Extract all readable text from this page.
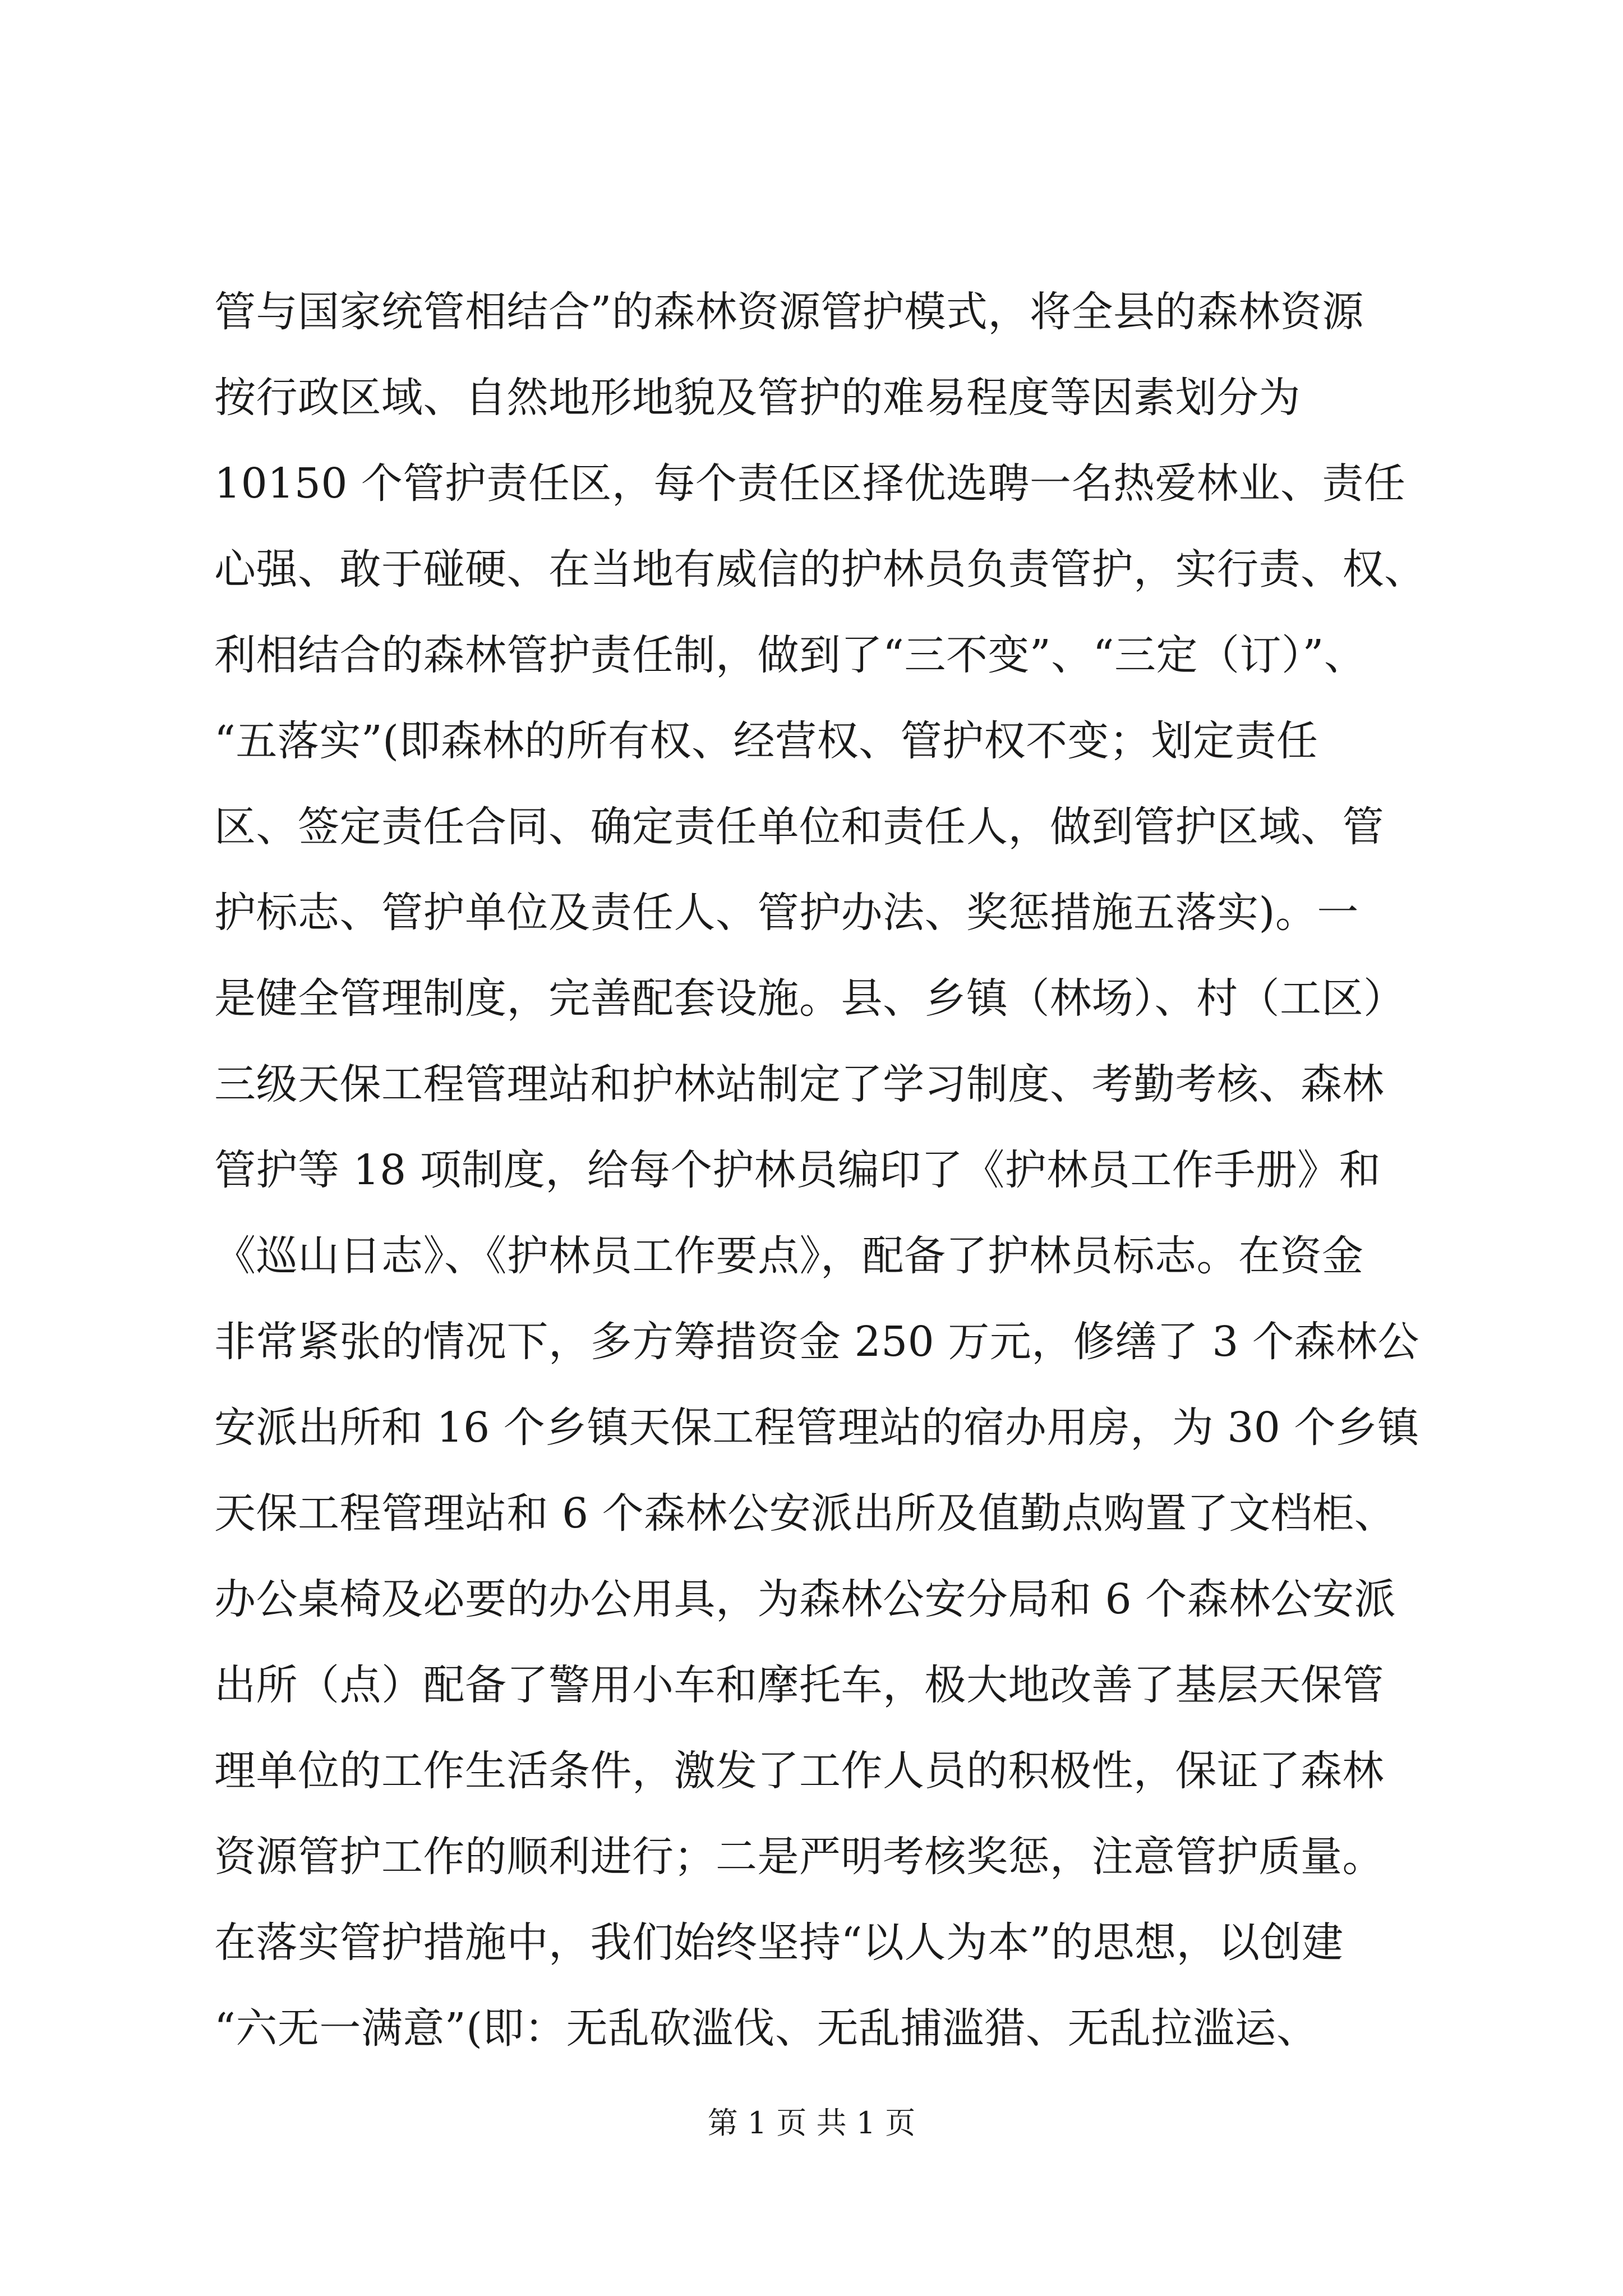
管与国家统管相结合”的森林资源管护模式，将全县的森林资源
按行政区域、自然地形地貌及管护的难易程度等因素划分为
10150 个管护责任区，每个责任区择优选聘一名热爱林业、责任
心强、敢于碰硬、在当地有威信的护林员负责管护，实行责、权、
利相结合的森林管护责任制，做到了“三不变”、“三定（订）”、
“五落实”(即森林的所有权、经营权、管护权不变；划定责任
区、签定责任合同、确定责任单位和责任人，做到管护区域、管
护标志、管护单位及责任人、管护办法、奖惩措施五落实)。一
是健全管理制度，完善配套设施。县、乡镇（林场）、村（工区）
三级天保工程管理站和护林站制定了学习制度、考勤考核、森林
管护等 18 项制度，给每个护林员编印了《护林员工作手册》和
《巡山日志》、《护林员工作要点》，配备了护林员标志。在资金
非常紧张的情况下，多方筹措资金 250 万元，修缮了 3 个森林公
安派出所和 16 个乡镇天保工程管理站的宿办用房，为 30 个乡镇
天保工程管理站和 6 个森林公安派出所及值勤点购置了文档柜、
办公桌椅及必要的办公用具，为森林公安分局和 6 个森林公安派
出所（点）配备了警用小车和摩托车，极大地改善了基层天保管
理单位的工作生活条件，激发了工作人员的积极性，保证了森林
资源管护工作的顺利进行；二是严明考核奖惩，注意管护质量。
在落实管护措施中，我们始终坚持“以人为本”的思想，以创建
“六无一满意”(即：无乱砍滥伐、无乱捕滥猎、无乱拉滥运、
第 1 页 共 1 页
